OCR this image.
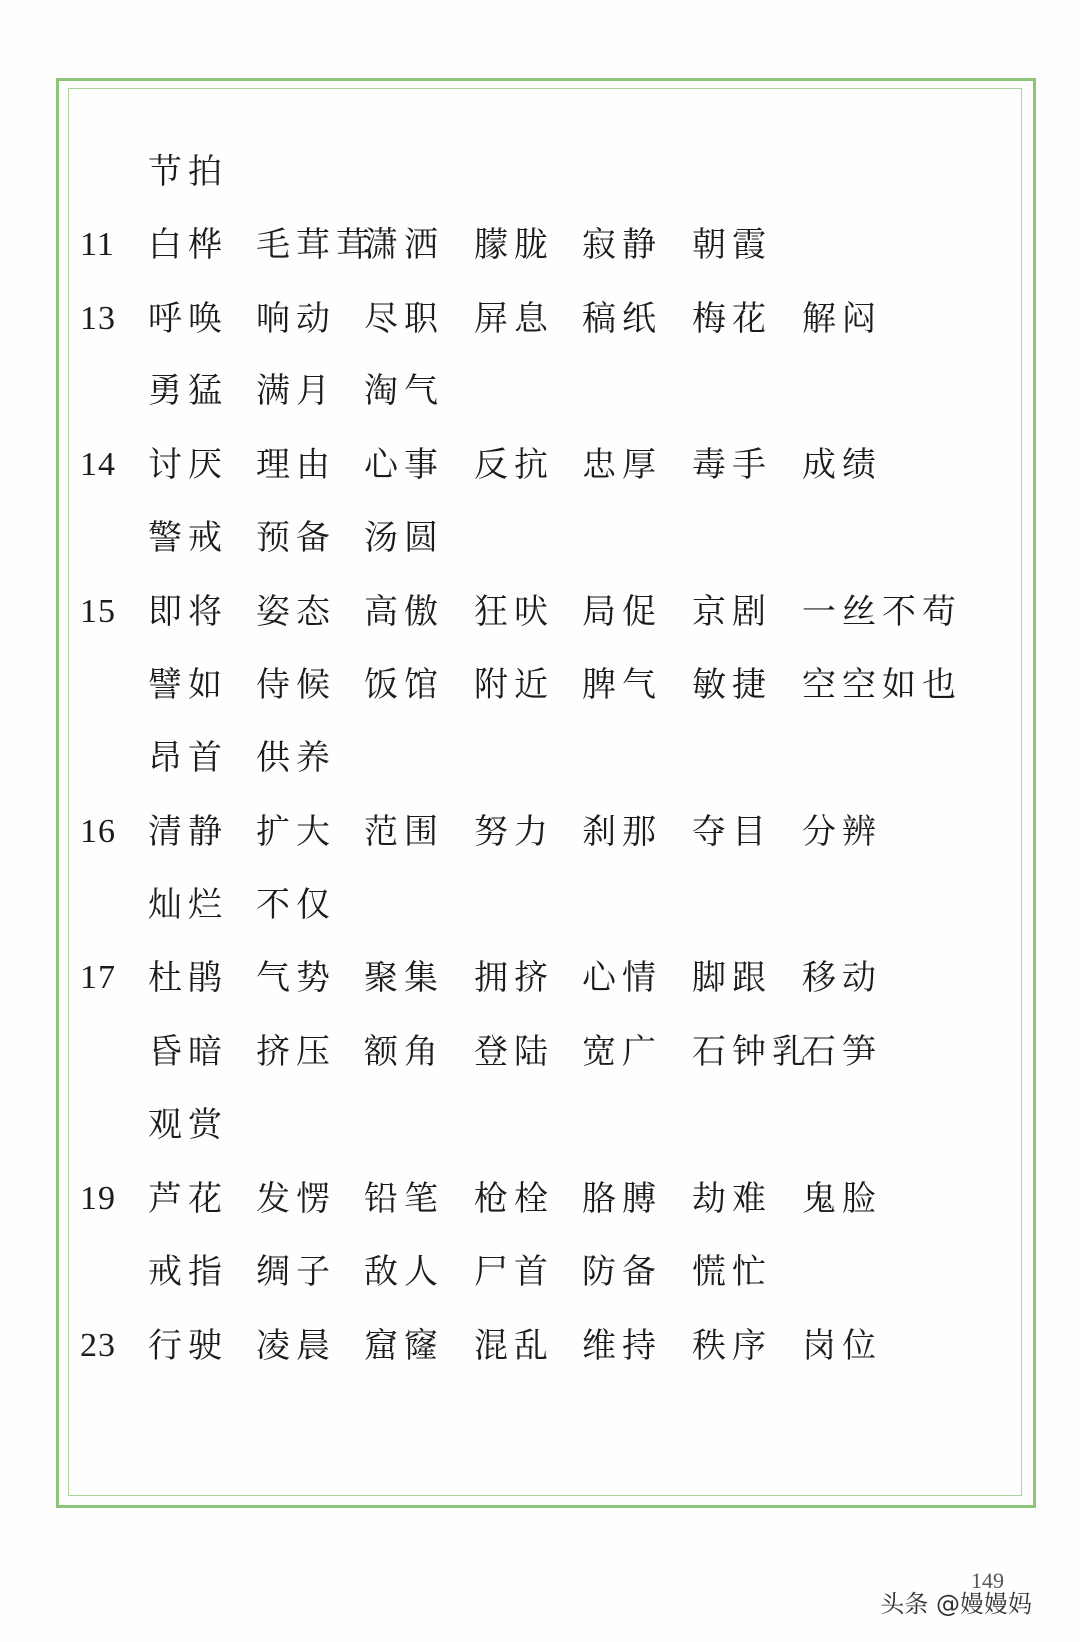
节拍
11 白桦 毛茸茸
潇洒 朦胧 寂静 朝霞
13 呼唤 响动 尽职 屏息 稿纸 梅花 解闷
勇猛 满月 淘气
14 讨厌 理由 心事 反抗 忠厚 毒手 成绩
警戒 预备 汤圆
15 即将 姿态 高傲 狂吠 局促 京剧 一丝不苟
譬如 侍候 饭馆 附近 脾气 敏捷 空空如也
昂首 供养
16 清静 扩大 范围 努力 刹那 夺目 分辨
灿烂 不仅
17 杜鹃 气势 聚集 拥挤 心情 脚跟 移动
昏暗 挤压 额角 登陆 宽广 石钟乳
石笋
观赏
19 芦花 发愣 铅笔 枪栓 胳膊 劫难 鬼脸
戒指 绸子 敌人 尸首 防备 慌忙
23 行驶 凌晨 窟窿 混乱 维持 秩序 岗位
149
头条 @嫚嫚妈
